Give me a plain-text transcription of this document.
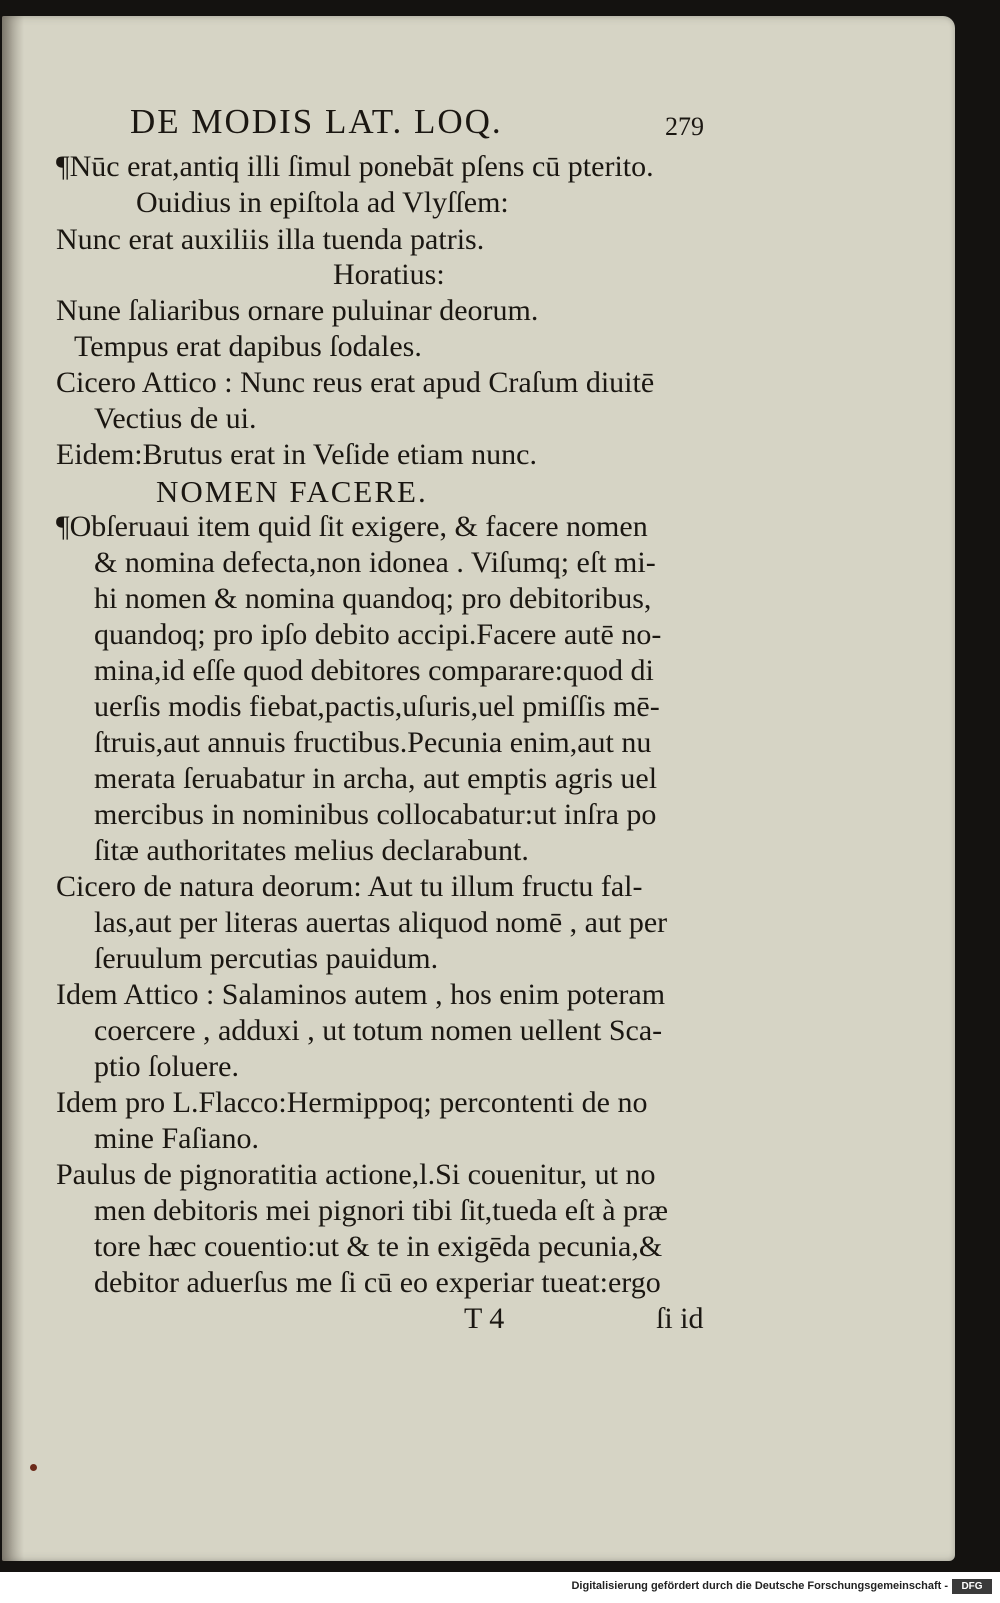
DE MODIS LAT. LOQ.	279
¶Nūc erat,antiq illi ſimul ponebāt pſens cū pterito.
Ouidius in epiſtola ad Vlyſſem:
Nunc erat auxiliis illa tuenda patris.
Horatius:
Nune ſaliaribus ornare puluinar deorum.
Tempus erat dapibus ſodales.
Cicero Attico : Nunc reus erat apud Craſum diuitē
Vectius de ui.
Eidem:Brutus erat in Veſide etiam nunc.
NOMEN FACERE.
¶Obſeruaui item quid ſit exigere, & facere nomen
& nomina defecta,non idonea . Viſumq; eſt mi-
hi nomen & nomina quandoq; pro debitoribus,
quandoq; pro ipſo debito accipi.Facere autē no-
mina,id eſſe quod debitores comparare:quod di
uerſis modis fiebat,pactis,uſuris,uel pmiſſis mē-
ſtruis,aut annuis fructibus.Pecunia enim,aut nu
merata ſeruabatur in archa, aut emptis agris uel
mercibus in nominibus collocabatur:ut inſra po
ſitæ authoritates melius declarabunt.
Cicero de natura deorum: Aut tu illum fructu fal-
las,aut per literas auertas aliquod nomē , aut per
ſeruulum percutias pauidum.
Idem Attico : Salaminos autem , hos enim poteram
coercere , adduxi , ut totum nomen uellent Sca-
ptio ſoluere.
Idem pro L.Flacco:Hermippoq; percontenti de no
mine Faſiano.
Paulus de pignoratitia actione,l.Si couenitur, ut no
men debitoris mei pignori tibi ſit,tueda eſt à præ
tore hæc couentio:ut & te in exigēda pecunia,&
debitor aduerſus me ſi cū eo experiar tueat:ergo
T 4	ſi id
Digitalisierung gefördert durch die Deutsche Forschungsgemeinschaft -	DFG
